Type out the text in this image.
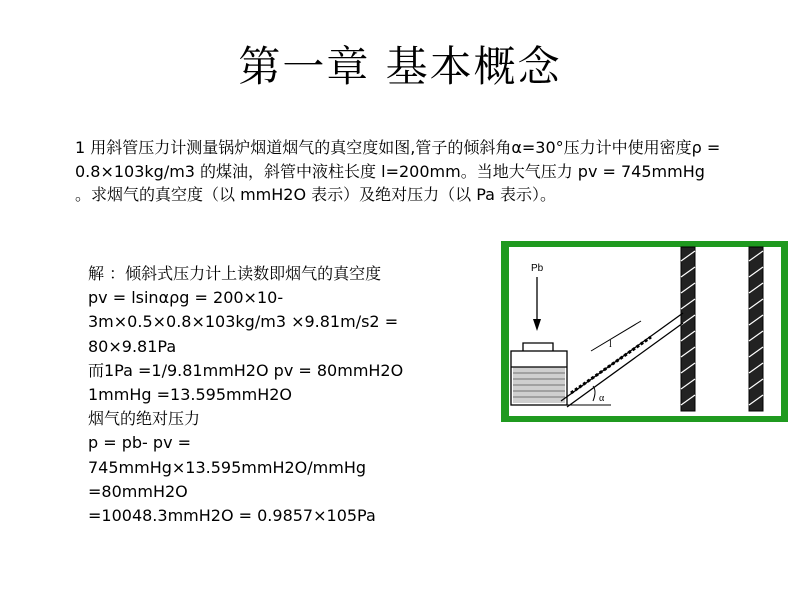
第一章 基本概念
1 用斜管压力计测量锅炉烟道烟气的真空度如图,管子的倾斜角α=30°压力计中使用密度ρ = 0.8×103kg/m3 的煤油，斜管中液柱长度 l=200mm。当地大气压力 pv = 745mmHg 。求烟气的真空度（以 mmH2O 表示）及绝对压力（以 Pa 表示）。
解 ：倾斜式压力计上读数即烟气的真空度
pv = lsinαρg = 200×10-
3m×0.5×0.8×103kg/m3 ×9.81m/s2 =
80×9.81Pa
而1Pa =1/9.81mmH2O pv = 80mmH2O
1mmHg =13.595mmH2O
烟气的绝对压力
p = pb- pv =
745mmHg×13.595mmH2O/mmHg
=80mmH2O
=10048.3mmH2O = 0.9857×105Pa
Pb
l
α
